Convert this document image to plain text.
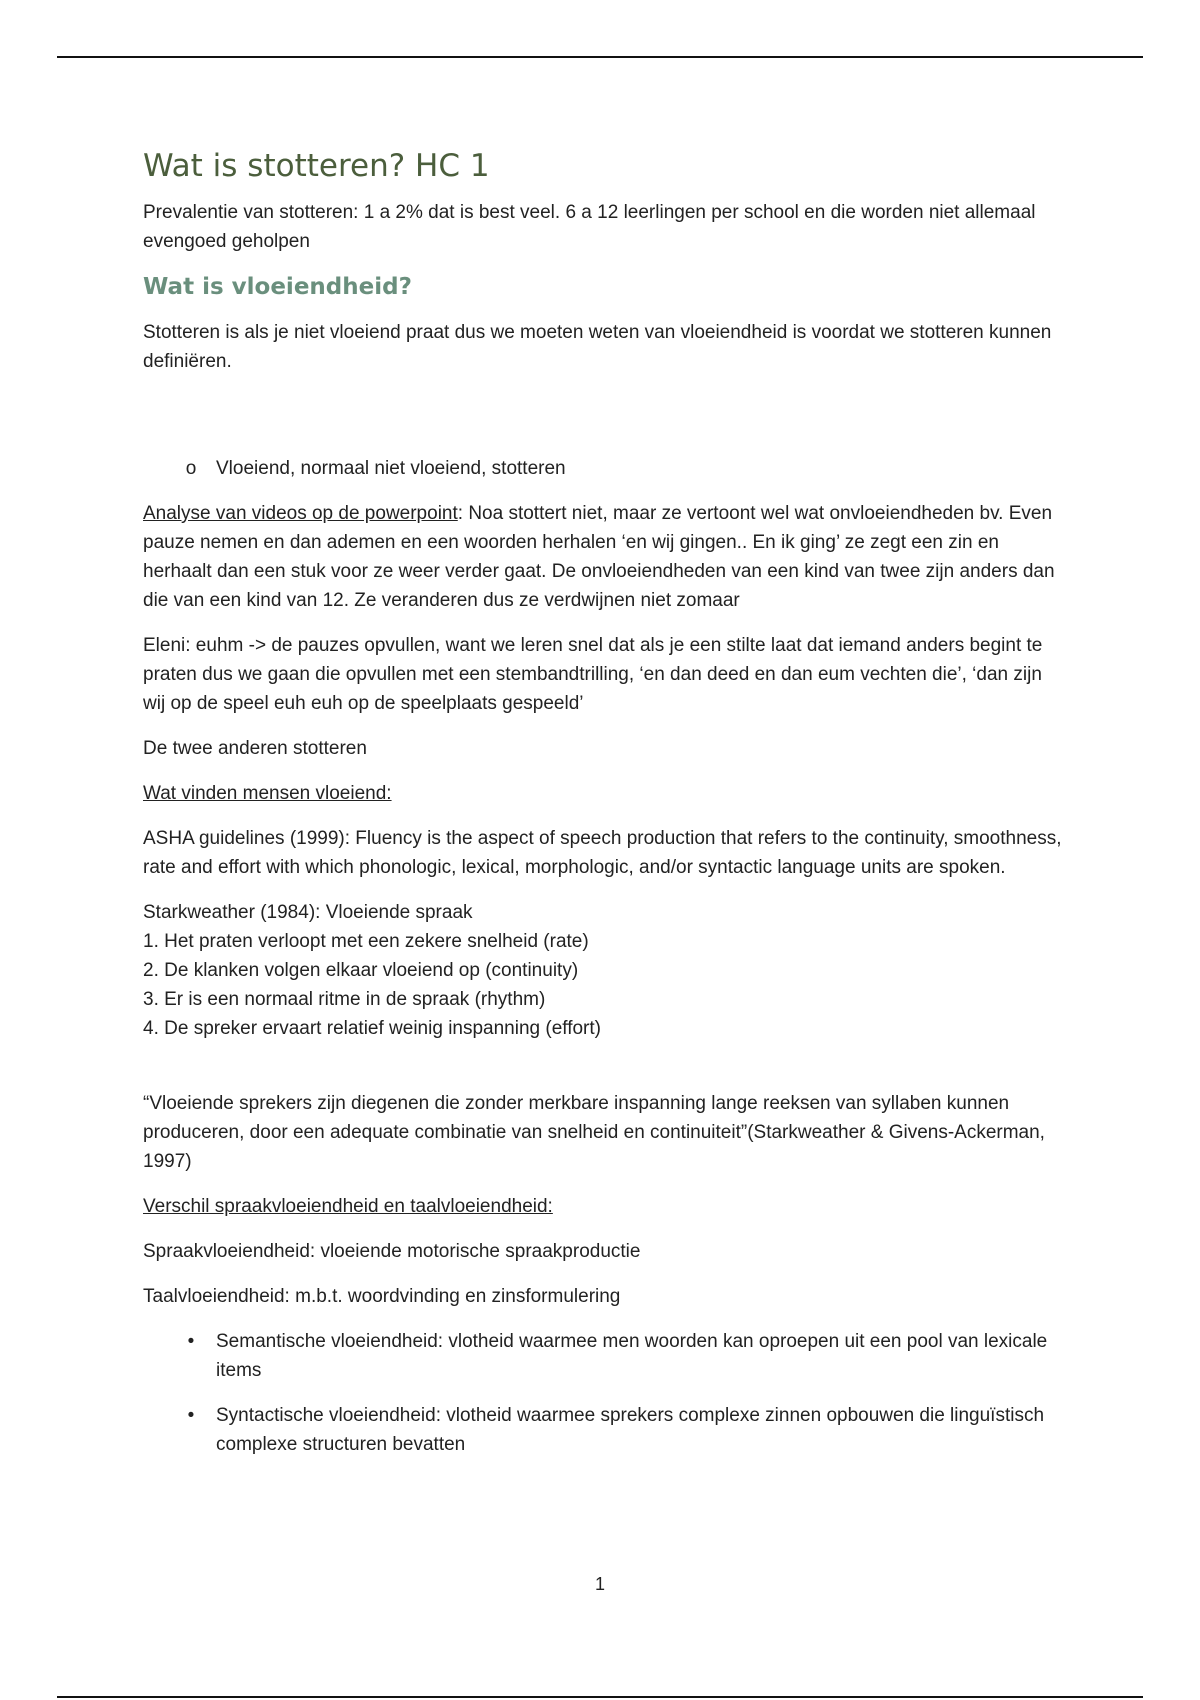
Wat is stotteren? HC 1

Prevalentie van stotteren: 1 a 2% dat is best veel. 6 a 12 leerlingen per school en die worden niet allemaal evengoed geholpen

Wat is vloeiendheid?

Stotteren is als je niet vloeiend praat dus we moeten weten van vloeiendheid is voordat we stotteren kunnen definiëren.

o Vloeiend, normaal niet vloeiend, stotteren

Analyse van videos op de powerpoint: Noa stottert niet, maar ze vertoont wel wat onvloeiendheden bv. Even pauze nemen en dan ademen en een woorden herhalen ‘en wij gingen.. En ik ging’ ze zegt een zin en herhaalt dan een stuk voor ze weer verder gaat. De onvloeiendheden van een kind van twee zijn anders dan die van een kind van 12. Ze veranderen dus ze verdwijnen niet zomaar

Eleni: euhm -> de pauzes opvullen, want we leren snel dat als je een stilte laat dat iemand anders begint te praten dus we gaan die opvullen met een stembandtrilling, ‘en dan deed en dan eum vechten die’, ‘dan zijn wij op de speel euh euh op de speelplaats gespeeld’

De twee anderen stotteren

Wat vinden mensen vloeiend:

ASHA guidelines (1999): Fluency is the aspect of speech production that refers to the continuity, smoothness, rate and effort with which phonologic, lexical, morphologic, and/or syntactic language units are spoken.

Starkweather (1984): Vloeiende spraak
1. Het praten verloopt met een zekere snelheid (rate)
2. De klanken volgen elkaar vloeiend op (continuity)
3. Er is een normaal ritme in de spraak (rhythm)
4. De spreker ervaart relatief weinig inspanning (effort)

“Vloeiende sprekers zijn diegenen die zonder merkbare inspanning lange reeksen van syllaben kunnen produceren, door een adequate combinatie van snelheid en continuiteit”(Starkweather & Givens-Ackerman, 1997)

Verschil spraakvloeiendheid en taalvloeiendheid:

Spraakvloeiendheid: vloeiende motorische spraakproductie

Taalvloeiendheid: m.b.t. woordvinding en zinsformulering

•	Semantische vloeiendheid: vlotheid waarmee men woorden kan oproepen uit een pool van lexicale items
•	Syntactische vloeiendheid: vlotheid waarmee sprekers complexe zinnen opbouwen die linguïstisch complexe structuren bevatten
1
